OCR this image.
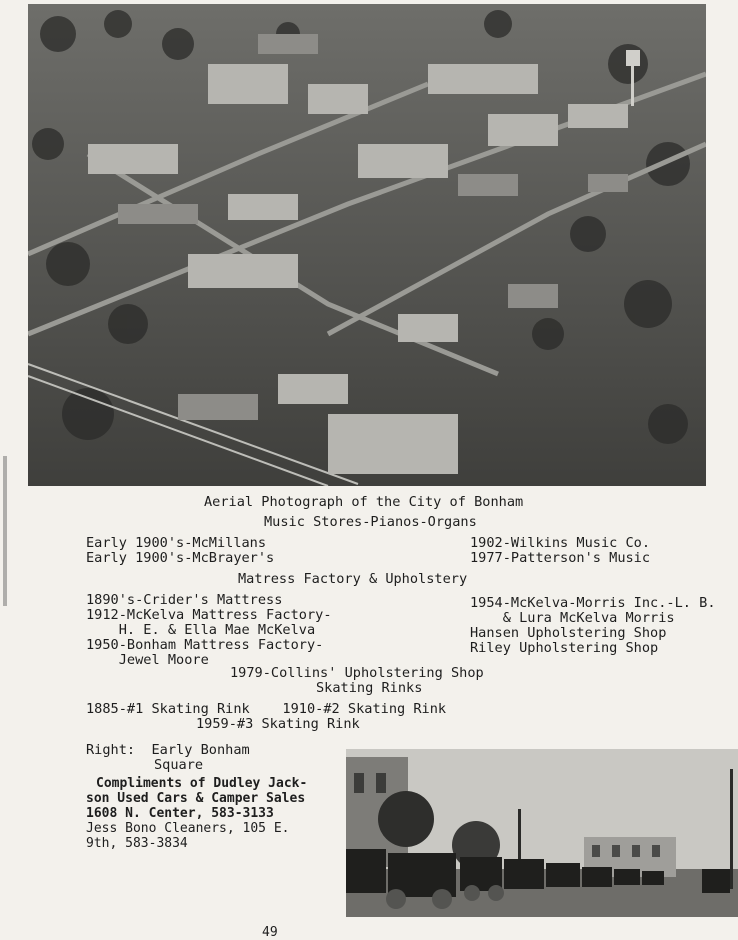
Aerial Photograph of the City of Bonham

Music Stores-Pianos-Organs

Early 1900's-McMillans

Early 1900's-McBrayer's

1902-Wilkins Music Co.

1977-Patterson's Music

Matress Factory & Upholstery

1890's-Crider's Mattress

1912-McKelva Mattress Factory-

H. E. & Ella Mae McKelva

1950-Bonham Mattress Factory-

Jewel Moore

1954-McKelva-Morris Inc.-L. B.

& Lura McKelva Morris

Hansen Upholstering Shop

Riley Upholstering Shop

1979-Collins' Upholstering Shop

Skating Rinks

1885-#1 Skating Rink    1910-#2 Skating Rink

1959-#3 Skating Rink

Right:  Early Bonham

Square

Compliments of Dudley Jack-

son Used Cars & Camper Sales

1608 N. Center, 583-3133

Jess Bono Cleaners, 105 E.

9th, 583-3834

49
